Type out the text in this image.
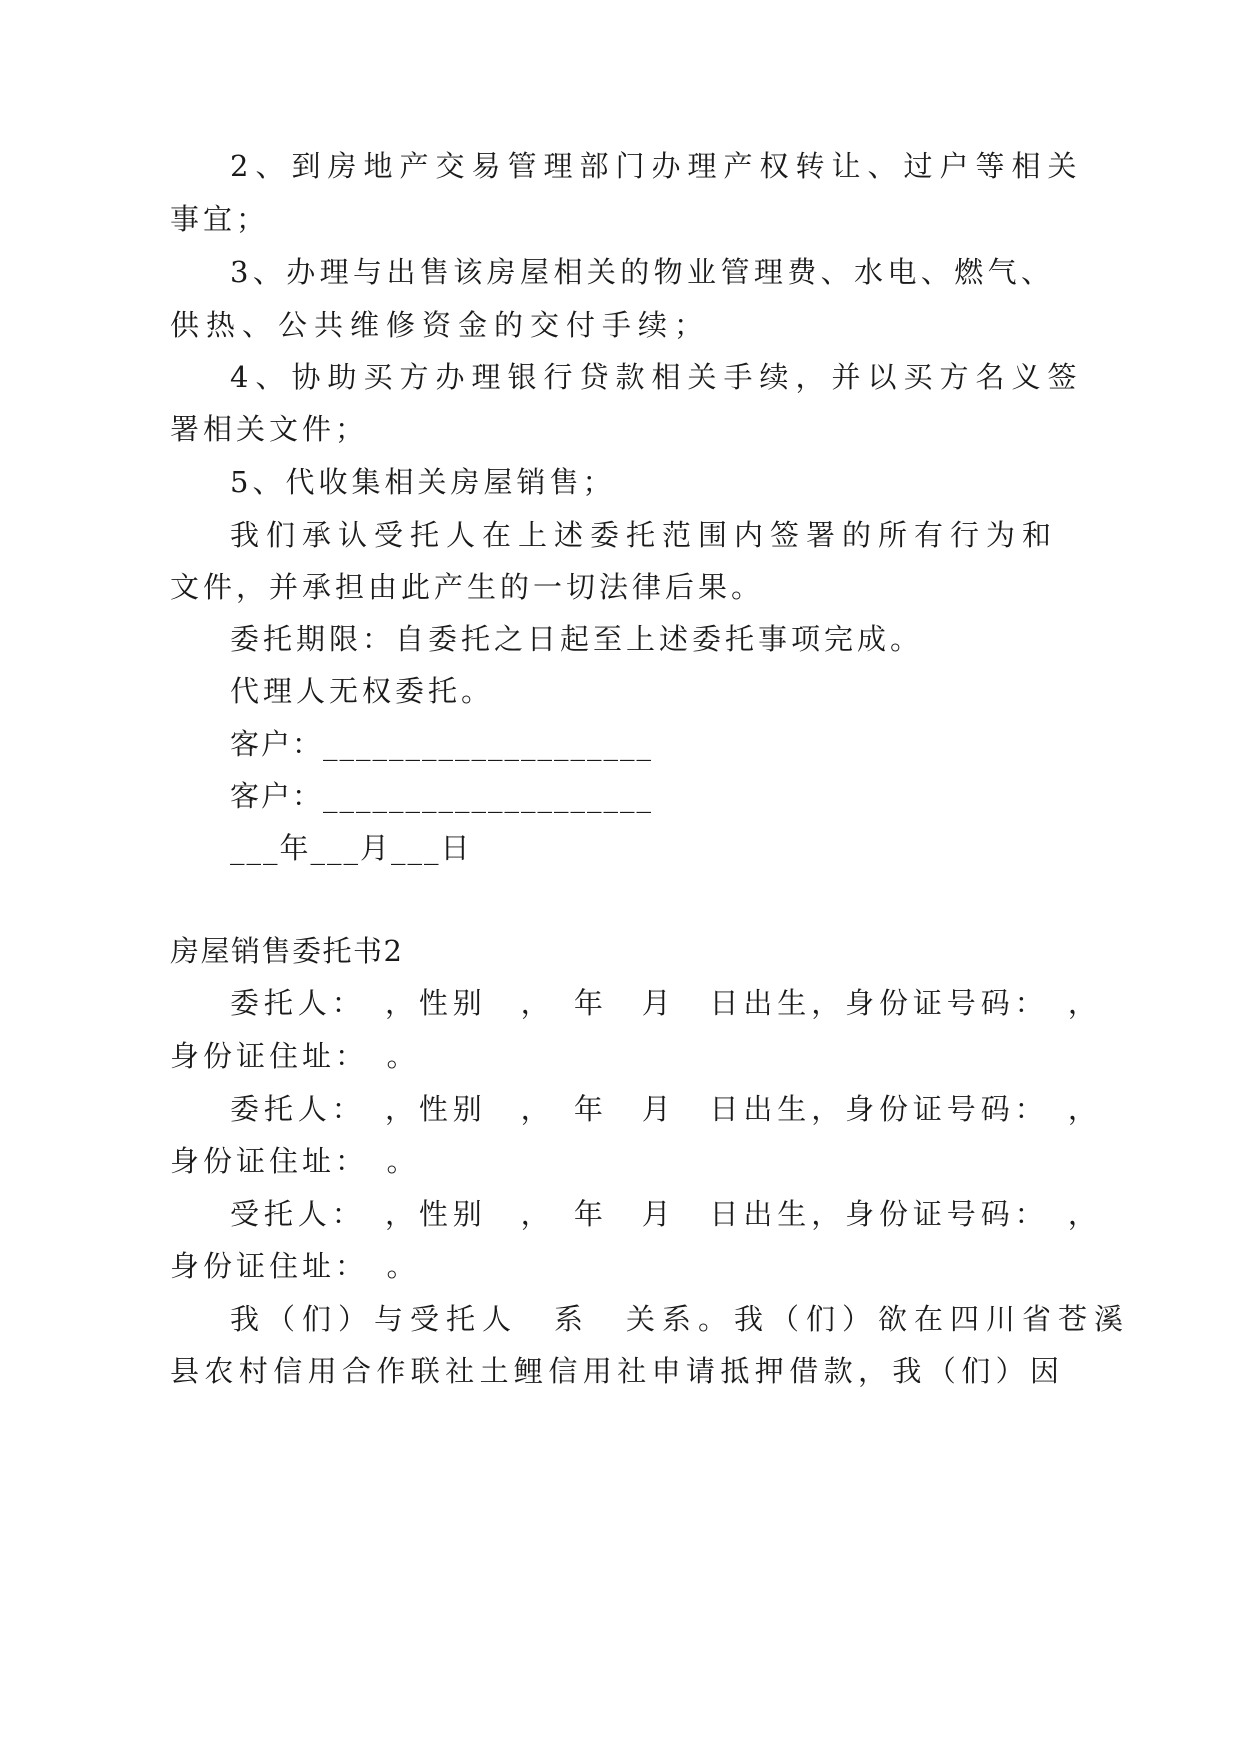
2、到房地产交易管理部门办理产权转让、过户等相关
事宜；
3、办理与出售该房屋相关的物业管理费、水电、燃气、
供热、公共维修资金的交付手续；
4、协助买方办理银行贷款相关手续，并以买方名义签
署相关文件；
5、代收集相关房屋销售；
我们承认受托人在上述委托范围内签署的所有行为和
文件，并承担由此产生的一切法律后果。
委托期限：自委托之日起至上述委托事项完成。
代理人无权委托。
客户：____________________
客户：____________________
___年___月___日
房屋销售委托书2
委托人：　，性别　，　年　月　日出生，身份证号码：　，
身份证住址：　。
委托人：　，性别　，　年　月　日出生，身份证号码：　，
身份证住址：　。
受托人：　，性别　，　年　月　日出生，身份证号码：　，
身份证住址：　。
我（们）与受托人　系　关系。我（们）欲在四川省苍溪
县农村信用合作联社土鲤信用社申请抵押借款，我（们）因
